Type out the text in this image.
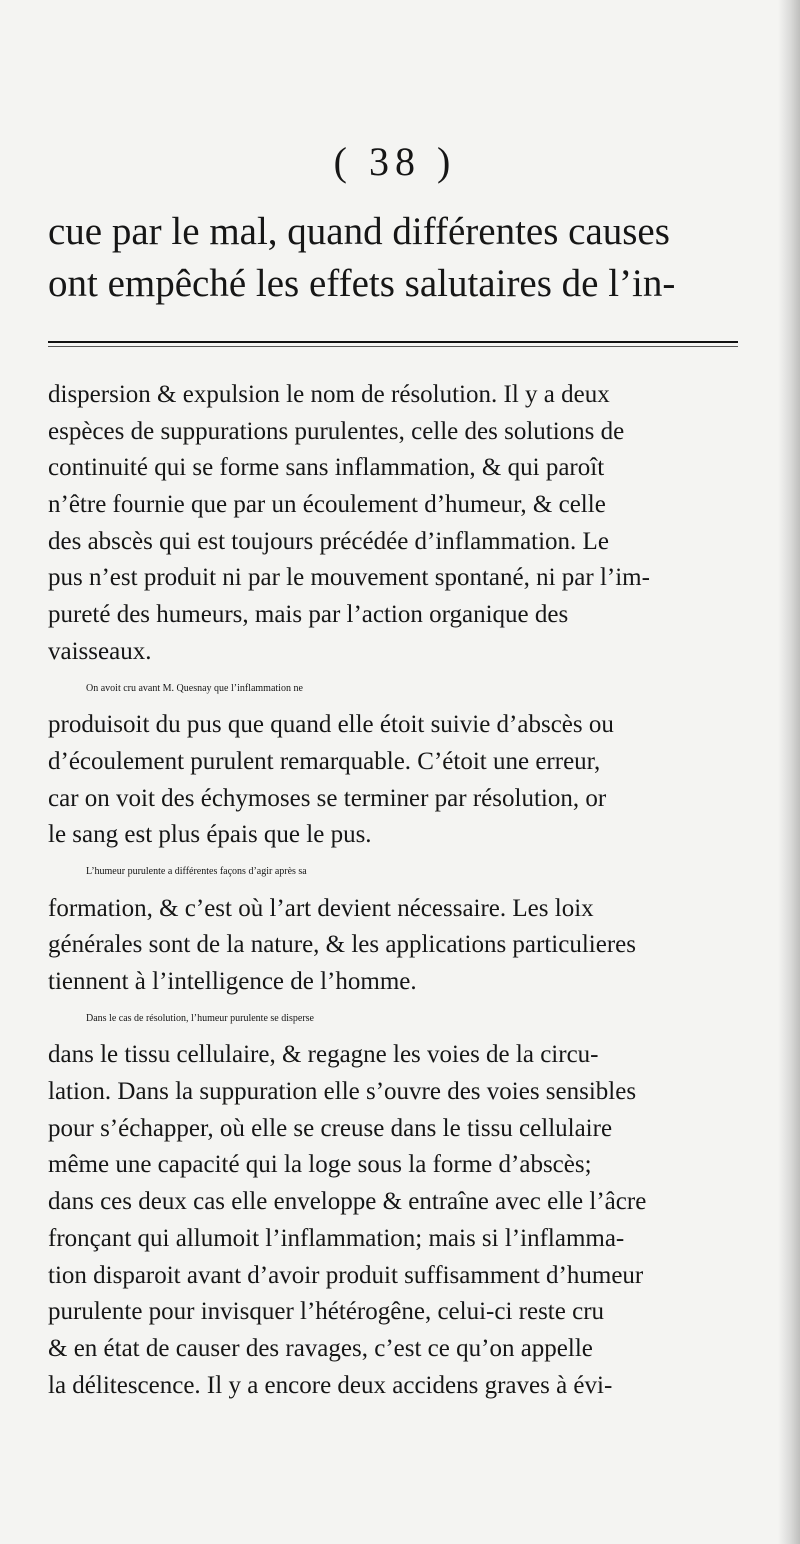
( 38 )
cue par le mal, quand différentes causes
ont empêché les effets salutaires de l’in-
dispersion & expulsion le nom de résolution. Il y a deux
espèces de suppurations purulentes, celle des solutions de
continuité qui se forme sans inflammation, & qui paroît
n’être fournie que par un écoulement d’humeur, & celle
des abscès qui est toujours précédée d’inflammation. Le
pus n’est produit ni par le mouvement spontané, ni par l’im-
pureté des humeurs, mais par l’action organique des
vaisseaux.
On avoit cru avant M. Quesnay que l’inflammation ne
produisoit du pus que quand elle étoit suivie d’abscès ou
d’écoulement purulent remarquable. C’étoit une erreur,
car on voit des échymoses se terminer par résolution, or
le sang est plus épais que le pus.
L’humeur purulente a différentes façons d’agir après sa
formation, & c’est où l’art devient nécessaire. Les loix
générales sont de la nature, & les applications particulieres
tiennent à l’intelligence de l’homme.
Dans le cas de résolution, l’humeur purulente se disperse
dans le tissu cellulaire, & regagne les voies de la circu-
lation. Dans la suppuration elle s’ouvre des voies sensibles
pour s’échapper, où elle se creuse dans le tissu cellulaire
même une capacité qui la loge sous la forme d’abscès;
dans ces deux cas elle enveloppe & entraîne avec elle l’âcre
fronçant qui allumoit l’inflammation; mais si l’inflamma-
tion disparoit avant d’avoir produit suffisamment d’humeur
purulente pour invisquer l’hétérogêne, celui-ci reste cru
& en état de causer des ravages, c’est ce qu’on appelle
la délitescence. Il y a encore deux accidens graves à évi-
